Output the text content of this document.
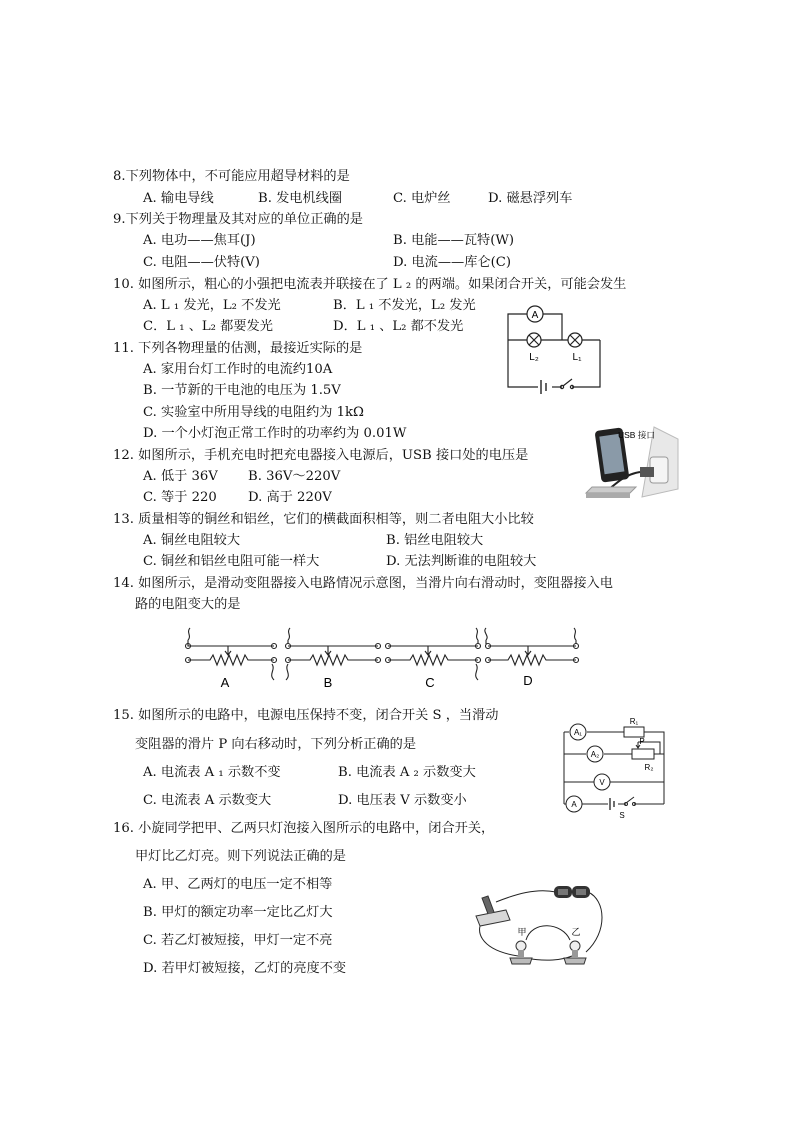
8.下列物体中，不可能应用超导材料的是
A. 输电导线	B. 发电机线圈	C. 电炉丝	D. 磁悬浮列车
9.下列关于物理量及其对应的单位正确的是
A. 电功——焦耳(J)	B. 电能——瓦特(W)
C. 电阻——伏特(V)	D. 电流——库仑(C)
10. 如图所示，粗心的小强把电流表并联接在了 L ₂ 的两端。如果闭合开关，可能会发生
A. L ₁ 发光，L₂ 不发光	B．L ₁ 不发光，L₂ 发光
C．L ₁ 、L₂ 都要发光	D．L ₁ 、L₂ 都不发光
A
L₂	L₁
11. 下列各物理量的估测，最接近实际的是
A. 家用台灯工作时的电流约10A
B. 一节新的干电池的电压为 1.5V
C. 实验室中所用导线的电阻约为 1kΩ
D. 一个小灯泡正常工作时的功率约为 0.01W
12. 如图所示，手机充电时把充电器接入电源后，USB 接口处的电压是
A. 低于 36V B. 36V～220V
C. 等于 220 D. 高于 220V
USB 接口
13. 质量相等的铜丝和铝丝，它们的横截面积相等，则二者电阻大小比较
A. 铜丝电阻较大	B. 铝丝电阻较大
C. 铜丝和铝丝电阻可能一样大	D. 无法判断谁的电阻较大
14. 如图所示，是滑动变阻器接入电路情况示意图，当滑片向右滑动时，变阻器接入电
路的电阻变大的是
A	B	C	D
15. 如图所示的电路中，电源电压保持不变，闭合开关 S ，当滑动
变阻器的滑片 P 向右移动时，下列分析正确的是
A. 电流表 A ₁ 示数不变	B. 电流表 A ₂ 示数变大
C. 电流表 A 示数变大	D. 电压表 V 示数变小
A₁
A₂
V
A
R₁
R₂
P
S
16. 小旋同学把甲、乙两只灯泡接入图所示的电路中，闭合开关，
甲灯比乙灯亮。则下列说法正确的是
A. 甲、乙两灯的电压一定不相等
B. 甲灯的额定功率一定比乙灯大
C. 若乙灯被短接，甲灯一定不亮
D. 若甲灯被短接，乙灯的亮度不变
甲	乙
